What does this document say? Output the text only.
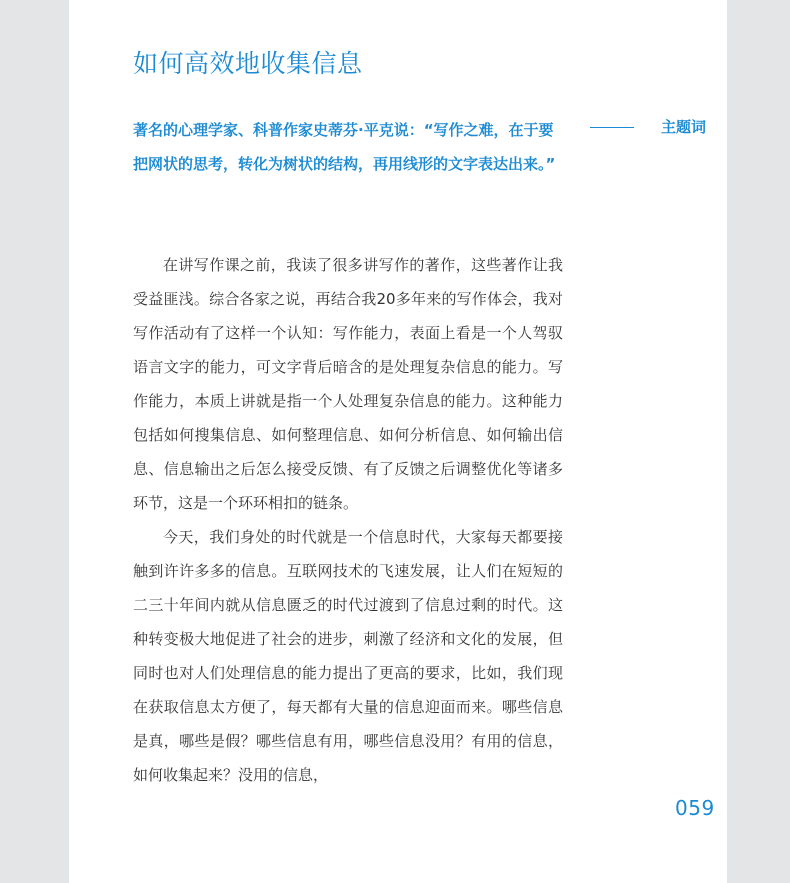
如何高效地收集信息

著名的心理学家、科普作家史蒂芬·平克说：“写作之难，在于要把网状的思考，转化为树状的结构，再用线形的文字表达出来。”

主题词

在讲写作课之前，我读了很多讲写作的著作，这些著作让我受益匪浅。综合各家之说，再结合我20多年来的写作体会，我对写作活动有了这样一个认知：写作能力，表面上看是一个人驾驭语言文字的能力，可文字背后暗含的是处理复杂信息的能力。写作能力，本质上讲就是指一个人处理复杂信息的能力。这种能力包括如何搜集信息、如何整理信息、如何分析信息、如何输出信息、信息输出之后怎么接受反馈、有了反馈之后调整优化等诸多环节，这是一个环环相扣的链条。

今天，我们身处的时代就是一个信息时代，大家每天都要接触到许许多多的信息。互联网技术的飞速发展，让人们在短短的二三十年间内就从信息匮乏的时代过渡到了信息过剩的时代。这种转变极大地促进了社会的进步，刺激了经济和文化的发展，但同时也对人们处理信息的能力提出了更高的要求，比如，我们现在获取信息太方便了，每天都有大量的信息迎面而来。哪些信息是真，哪些是假？哪些信息有用，哪些信息没用？有用的信息，如何收集起来？没用的信息，

059
